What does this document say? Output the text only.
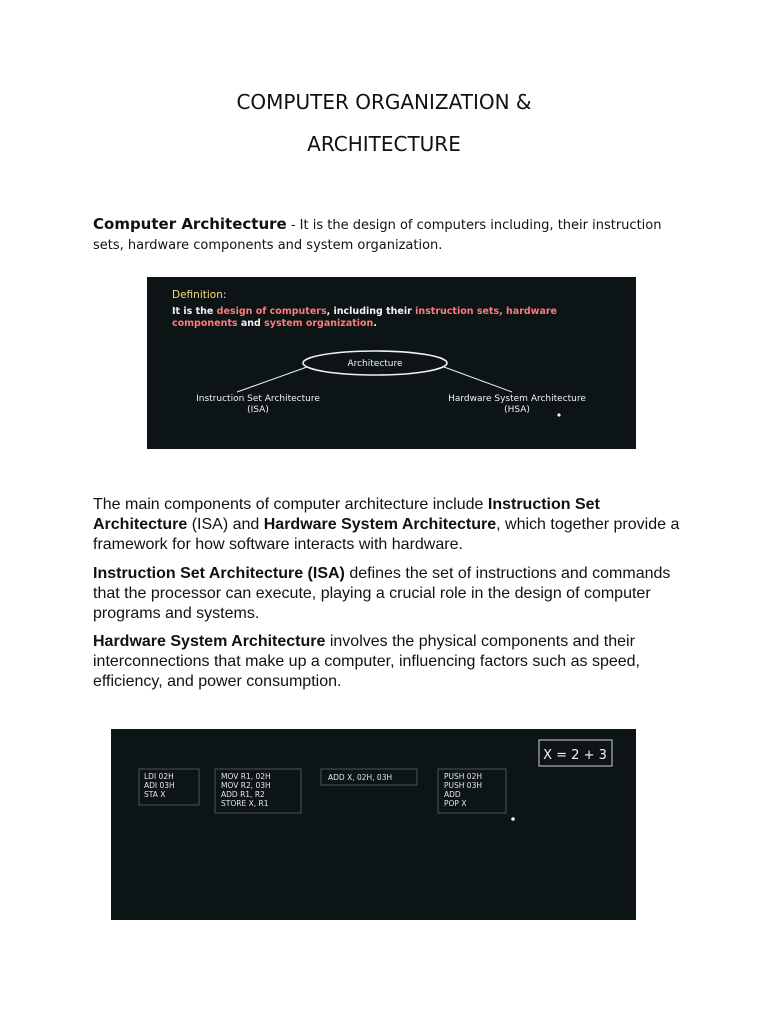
COMPUTER ORGANIZATION &
ARCHITECTURE
Computer Architecture - It is the design of computers including, their instruction sets, hardware components and system organization.
Definition:
It is the design of computers, including their instruction sets, hardware
components and system organization.
Architecture
Instruction Set Architecture
(ISA)
Hardware System Architecture
(HSA)

The main components of computer architecture include Instruction Set Architecture (ISA) and Hardware System Architecture, which together provide a framework for how software interacts with hardware.

Instruction Set Architecture (ISA) defines the set of instructions and commands that the processor can execute, playing a crucial role in the design of computer programs and systems.

Hardware System Architecture involves the physical components and their interconnections that make up a computer, influencing factors such as speed, efficiency, and power consumption.

X = 2 + 3
LDI 02H
ADI 03H
STA X
MOV R1, 02H
MOV R2, 03H
ADD R1, R2
STORE X, R1
ADD X, 02H, 03H	PUSH 02H
PUSH 03H
ADD
POP X
